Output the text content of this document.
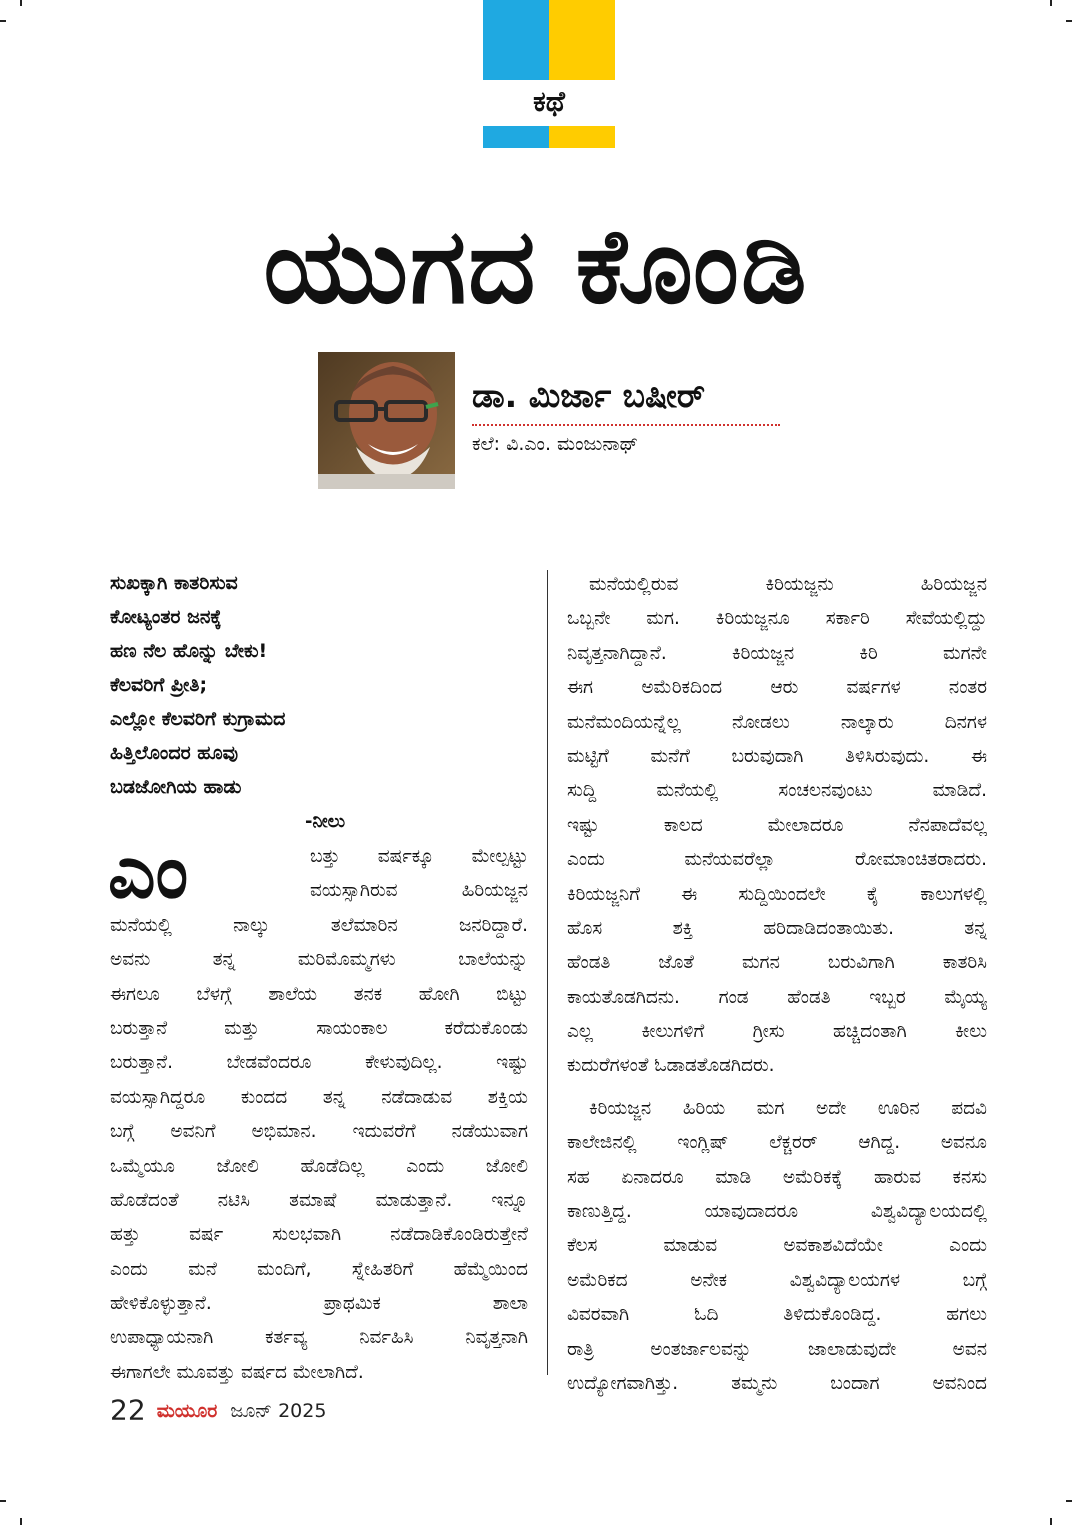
ಕಥೆ
ಯುಗದ ಕೊಂಡಿ
ಡಾ. ಮಿರ್ಜಾ ಬಷೀರ್
ಕಲೆ: ವಿ.ಎಂ. ಮಂಜುನಾಥ್
ಸುಖಕ್ಕಾಗಿ ಕಾತರಿಸುವ
ಕೋಟ್ಯಂತರ ಜನಕ್ಕೆ
ಹಣ ನೆಲ ಹೊನ್ನು ಬೇಕು!
ಕೆಲವರಿಗೆ ಪ್ರೀತಿ;
ಎಲ್ಲೋ ಕೆಲವರಿಗೆ ಕುಗ್ರಾಮದ
ಹಿತ್ತಿಲೊಂದರ ಹೂವು
ಬಡಜೋಗಿಯ ಹಾಡು
-ನೀಲು
ಎಂ	ಬತ್ತು ವರ್ಷಕ್ಕೂ ಮೇಲ್ಪಟ್ಟು
ವಯಸ್ಸಾಗಿರುವ ಹಿರಿಯಜ್ಜನ
ಮನೆಯಲ್ಲಿ ನಾಲ್ಕು ತಲೆಮಾರಿನ ಜನರಿದ್ದಾರೆ.
ಅವನು ತನ್ನ ಮರಿಮೊಮ್ಮಗಳು ಬಾಲೆಯನ್ನು
ಈಗಲೂ ಬೆಳಗ್ಗೆ ಶಾಲೆಯ ತನಕ ಹೋಗಿ ಬಿಟ್ಟು
ಬರುತ್ತಾನೆ ಮತ್ತು ಸಾಯಂಕಾಲ ಕರೆದುಕೊಂಡು
ಬರುತ್ತಾನೆ. ಬೇಡವೆಂದರೂ ಕೇಳುವುದಿಲ್ಲ. ಇಷ್ಟು
ವಯಸ್ಸಾಗಿದ್ದರೂ ಕುಂದದ ತನ್ನ ನಡೆದಾಡುವ ಶಕ್ತಿಯ
ಬಗ್ಗೆ ಅವನಿಗೆ ಅಭಿಮಾನ. ಇದುವರೆಗೆ ನಡೆಯುವಾಗ
ಒಮ್ಮೆಯೂ ಜೋಲಿ ಹೊಡೆದಿಲ್ಲ ಎಂದು ಜೋಲಿ
ಹೊಡೆದಂತೆ ನಟಿಸಿ ತಮಾಷೆ ಮಾಡುತ್ತಾನೆ. ಇನ್ನೂ
ಹತ್ತು ವರ್ಷ ಸುಲಭವಾಗಿ ನಡೆದಾಡಿಕೊಂಡಿರುತ್ತೇನೆ
ಎಂದು ಮನೆ ಮಂದಿಗೆ, ಸ್ನೇಹಿತರಿಗೆ ಹೆಮ್ಮೆಯಿಂದ
ಹೇಳಿಕೊಳ್ಳುತ್ತಾನೆ. ಪ್ರಾಥಮಿಕ ಶಾಲಾ
ಉಪಾಧ್ಯಾಯನಾಗಿ ಕರ್ತವ್ಯ ನಿರ್ವಹಿಸಿ ನಿವೃತ್ತನಾಗಿ
ಈಗಾಗಲೇ ಮೂವತ್ತು ವರ್ಷದ ಮೇಲಾಗಿದೆ.
ಮನೆಯಲ್ಲಿರುವ ಕಿರಿಯಜ್ಜನು ಹಿರಿಯಜ್ಜನ
ಒಬ್ಬನೇ ಮಗ. ಕಿರಿಯಜ್ಜನೂ ಸರ್ಕಾರಿ ಸೇವೆಯಲ್ಲಿದ್ದು
ನಿವೃತ್ತನಾಗಿದ್ದಾನೆ. ಕಿರಿಯಜ್ಜನ ಕಿರಿ ಮಗನೇ
ಈಗ ಅಮೆರಿಕದಿಂದ ಆರು ವರ್ಷಗಳ ನಂತರ
ಮನೆಮಂದಿಯನ್ನೆಲ್ಲ ನೋಡಲು ನಾಲ್ಕಾರು ದಿನಗಳ
ಮಟ್ಟಿಗೆ ಮನೆಗೆ ಬರುವುದಾಗಿ ತಿಳಿಸಿರುವುದು. ಈ
ಸುದ್ದಿ ಮನೆಯಲ್ಲಿ ಸಂಚಲನವುಂಟು ಮಾಡಿದೆ.
ಇಷ್ಟು ಕಾಲದ ಮೇಲಾದರೂ ನೆನಪಾದೆವಲ್ಲ
ಎಂದು ಮನೆಯವರೆಲ್ಲಾ ರೋಮಾಂಚಿತರಾದರು.
ಕಿರಿಯಜ್ಜನಿಗೆ ಈ ಸುದ್ದಿಯಿಂದಲೇ ಕೈ ಕಾಲುಗಳಲ್ಲಿ
ಹೊಸ ಶಕ್ತಿ ಹರಿದಾಡಿದಂತಾಯಿತು. ತನ್ನ
ಹೆಂಡತಿ ಜೊತೆ ಮಗನ ಬರುವಿಗಾಗಿ ಕಾತರಿಸಿ
ಕಾಯತೊಡಗಿದನು. ಗಂಡ ಹೆಂಡತಿ ಇಬ್ಬರ ಮೈಯ್ಯ
ಎಲ್ಲ ಕೀಲುಗಳಿಗೆ ಗ್ರೀಸು ಹಚ್ಚಿದಂತಾಗಿ ಕೀಲು
ಕುದುರೆಗಳಂತೆ ಓಡಾಡತೊಡಗಿದರು.
ಕಿರಿಯಜ್ಜನ ಹಿರಿಯ ಮಗ ಅದೇ ಊರಿನ ಪದವಿ
ಕಾಲೇಜಿನಲ್ಲಿ ಇಂಗ್ಲಿಷ್ ಲೆಕ್ಚರರ್ ಆಗಿದ್ದ. ಅವನೂ
ಸಹ ಏನಾದರೂ ಮಾಡಿ ಅಮೆರಿಕಕ್ಕೆ ಹಾರುವ ಕನಸು
ಕಾಣುತ್ತಿದ್ದ. ಯಾವುದಾದರೂ ವಿಶ್ವವಿದ್ಯಾಲಯದಲ್ಲಿ
ಕೆಲಸ ಮಾಡುವ ಅವಕಾಶವಿದೆಯೇ ಎಂದು
ಅಮೆರಿಕದ ಅನೇಕ ವಿಶ್ವವಿದ್ಯಾಲಯಗಳ ಬಗ್ಗೆ
ವಿವರವಾಗಿ ಓದಿ ತಿಳಿದುಕೊಂಡಿದ್ದ. ಹಗಲು
ರಾತ್ರಿ ಅಂತರ್ಜಾಲವನ್ನು ಜಾಲಾಡುವುದೇ ಅವನ
ಉದ್ಯೋಗವಾಗಿತ್ತು. ತಮ್ಮನು ಬಂದಾಗ ಅವನಿಂದ
22 ಮಯೂರ ಜೂನ್ 2025
